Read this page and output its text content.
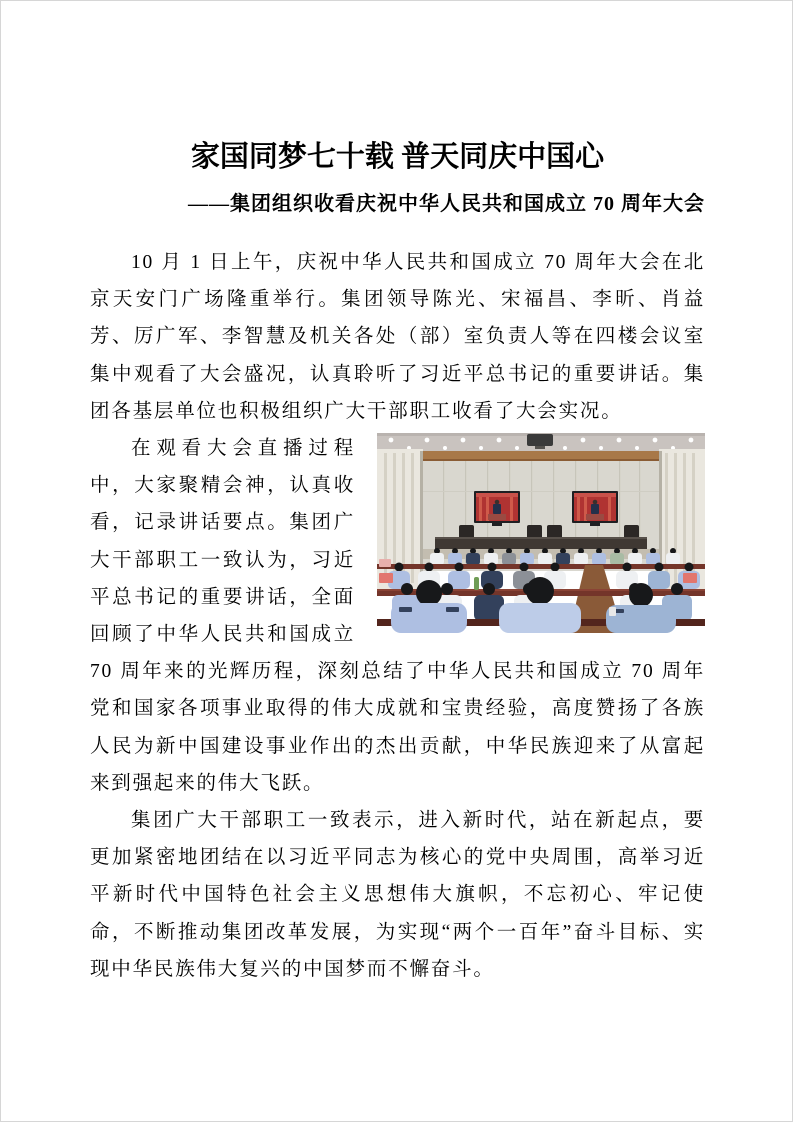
家国同梦七十载 普天同庆中国心
——集团组织收看庆祝中华人民共和国成立 70 周年大会

10 月 1 日上午，庆祝中华人民共和国成立 70 周年大会在北京天安门广场隆重举行。集团领导陈光、宋福昌、李昕、肖益芳、厉广军、李智慧及机关各处（部）室负责人等在四楼会议室集中观看了大会盛况，认真聆听了习近平总书记的重要讲话。集团各基层单位也积极组织广大干部职工收看了大会实况。

在观看大会直播过程中，大家聚精会神，认真收看，记录讲话要点。集团广大干部职工一致认为，习近平总书记的重要讲话，全面回顾了中华人民共和国成立 70 周年来的光辉历程，深刻总结了中华人民共和国成立 70 周年党和国家各项事业取得的伟大成就和宝贵经验，高度赞扬了各族人民为新中国建设事业作出的杰出贡献，中华民族迎来了从富起来到强起来的伟大飞跃。

集团广大干部职工一致表示，进入新时代，站在新起点，要更加紧密地团结在以习近平同志为核心的党中央周围，高举习近平新时代中国特色社会主义思想伟大旗帜，不忘初心、牢记使命，不断推动集团改革发展，为实现“两个一百年”奋斗目标、实现中华民族伟大复兴的中国梦而不懈奋斗。
